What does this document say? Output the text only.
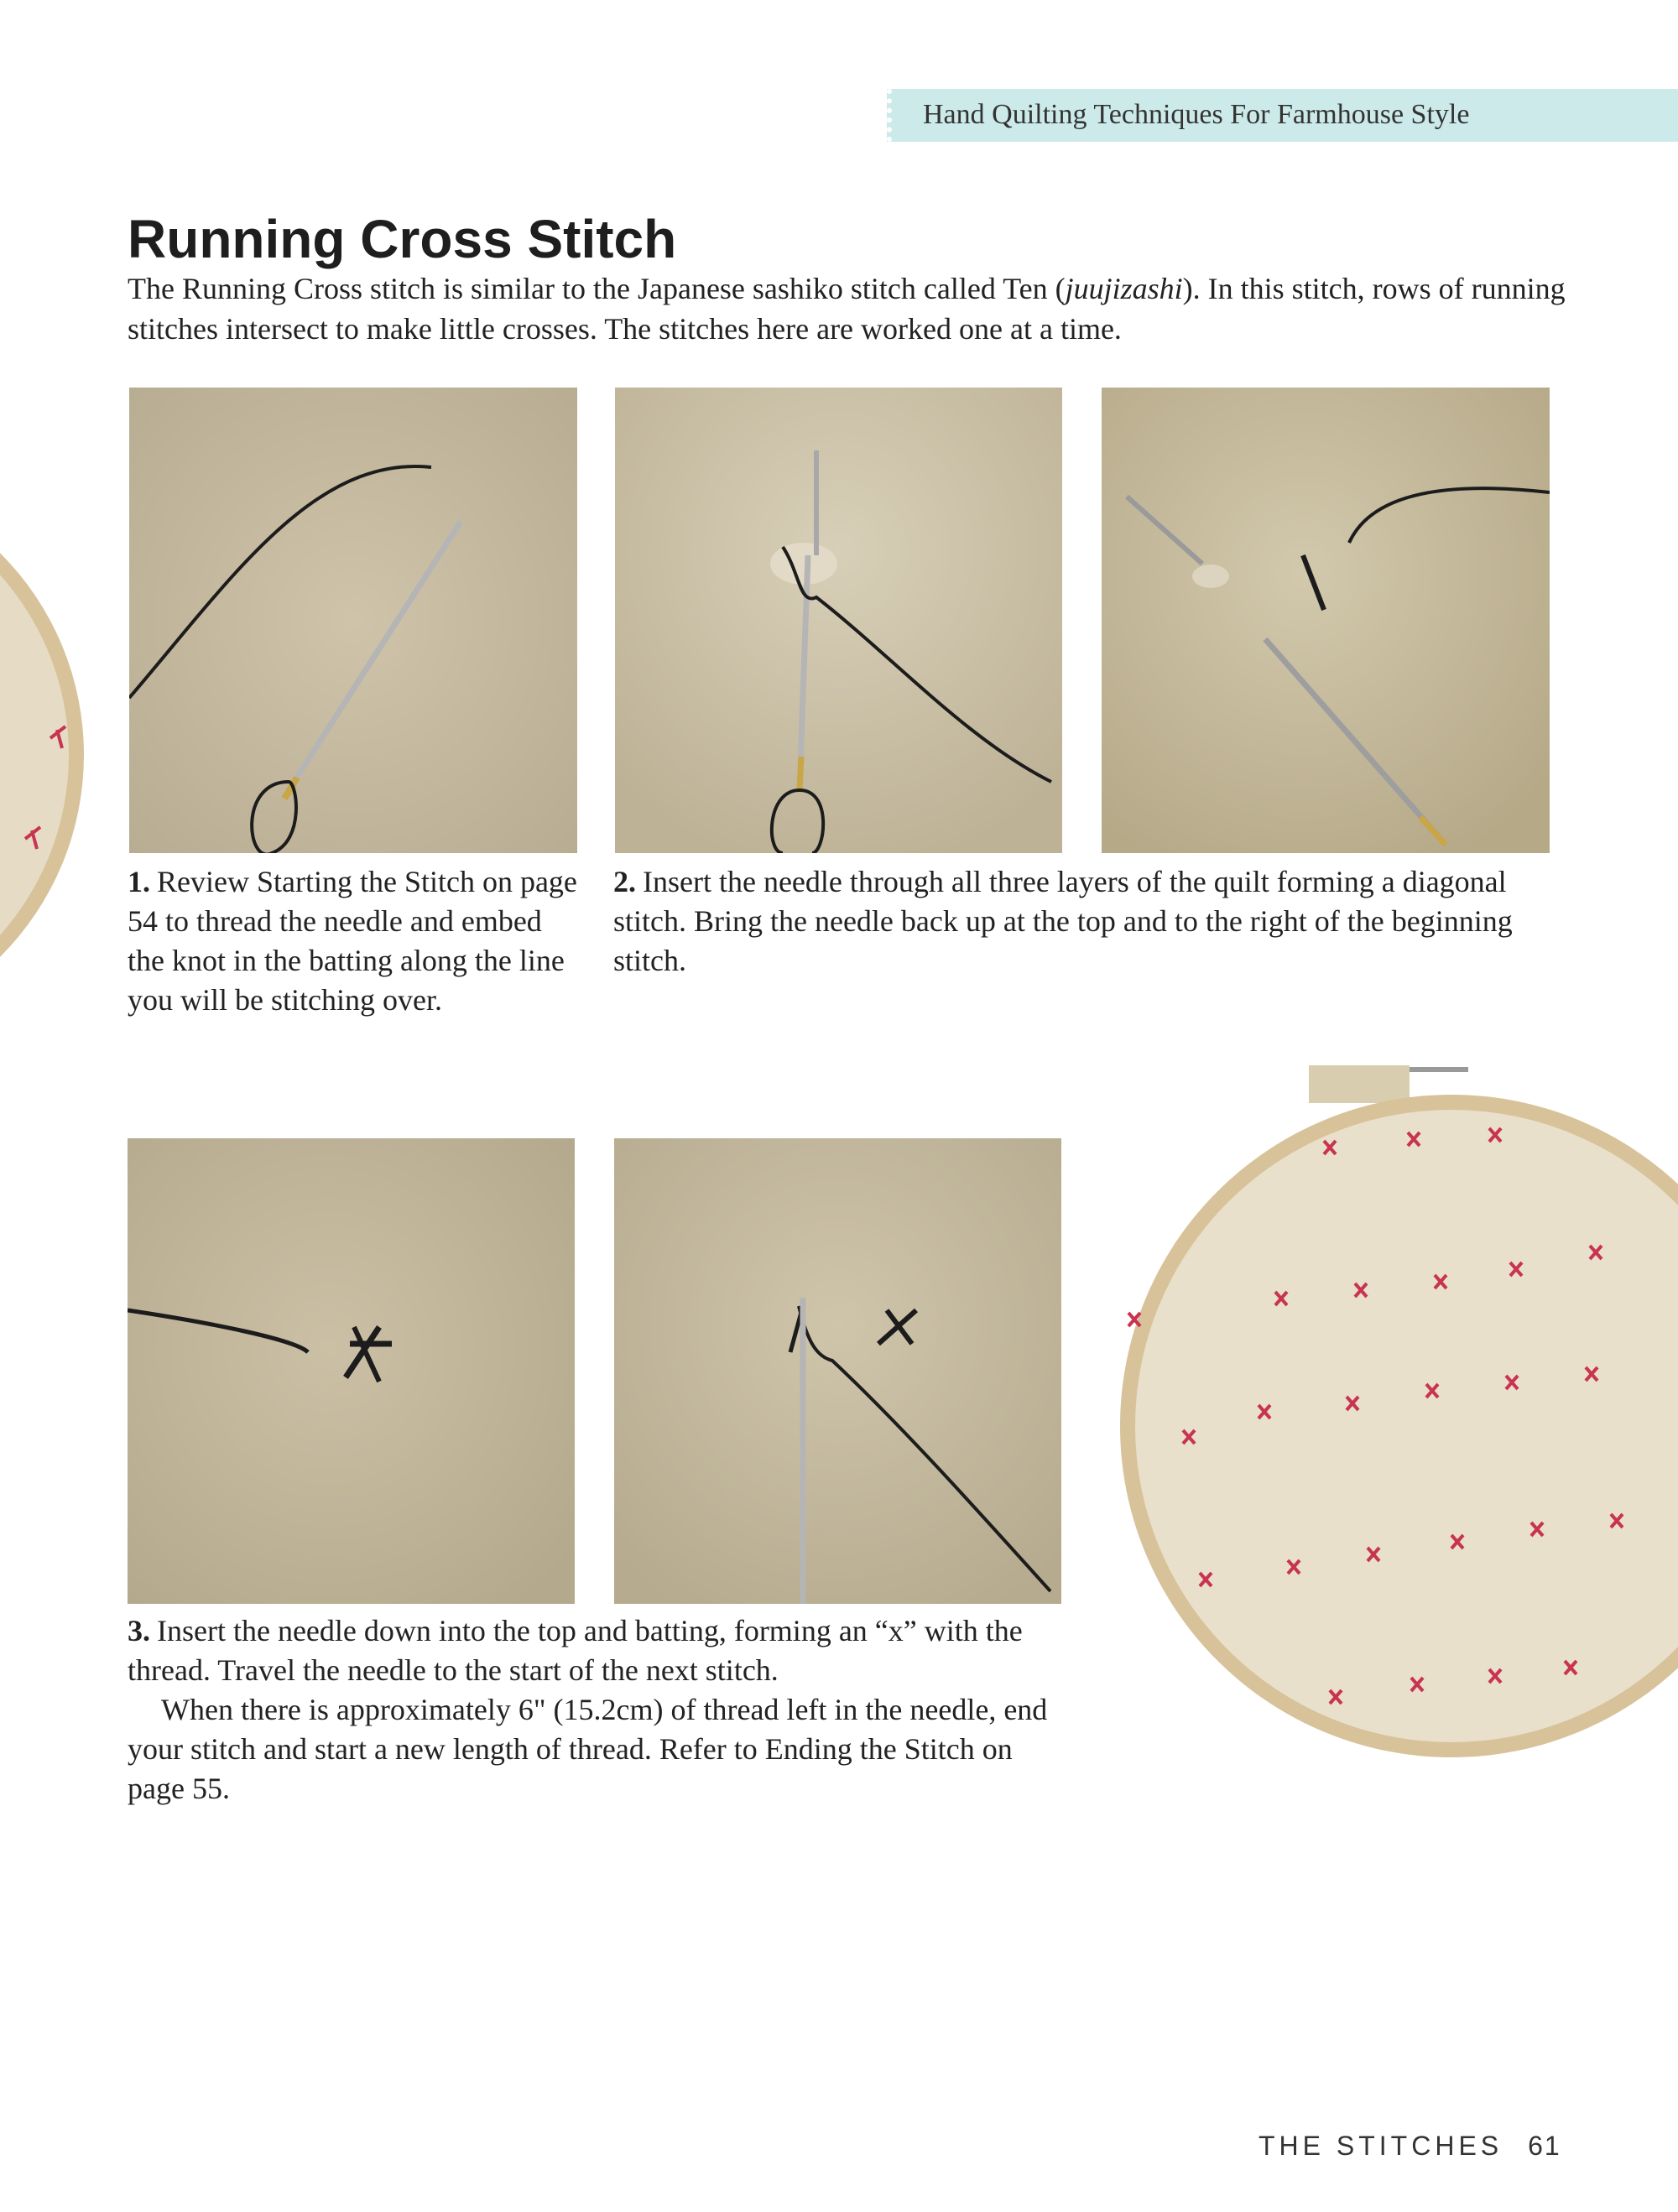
Hand Quilting Techniques For Farmhouse Style
Running Cross Stitch
The Running Cross stitch is similar to the Japanese sashiko stitch called Ten (juujizashi). In this stitch, rows of running stitches intersect to make little crosses. The stitches here are worked one at a time.
1. Review Starting the Stitch on page 54 to thread the needle and embed the knot in the batting along the line you will be stitching over.
2. Insert the needle through all three layers of the quilt forming a diagonal stitch. Bring the needle back up at the top and to the right of the beginning stitch.
3. Insert the needle down into the top and batting, forming an “x” with the thread. Travel the needle to the start of the next stitch.
When there is approximately 6" (15.2cm) of thread left in the needle, end your stitch and start a new length of thread. Refer to Ending the Stitch on page 55.
THE STITCHES 61
